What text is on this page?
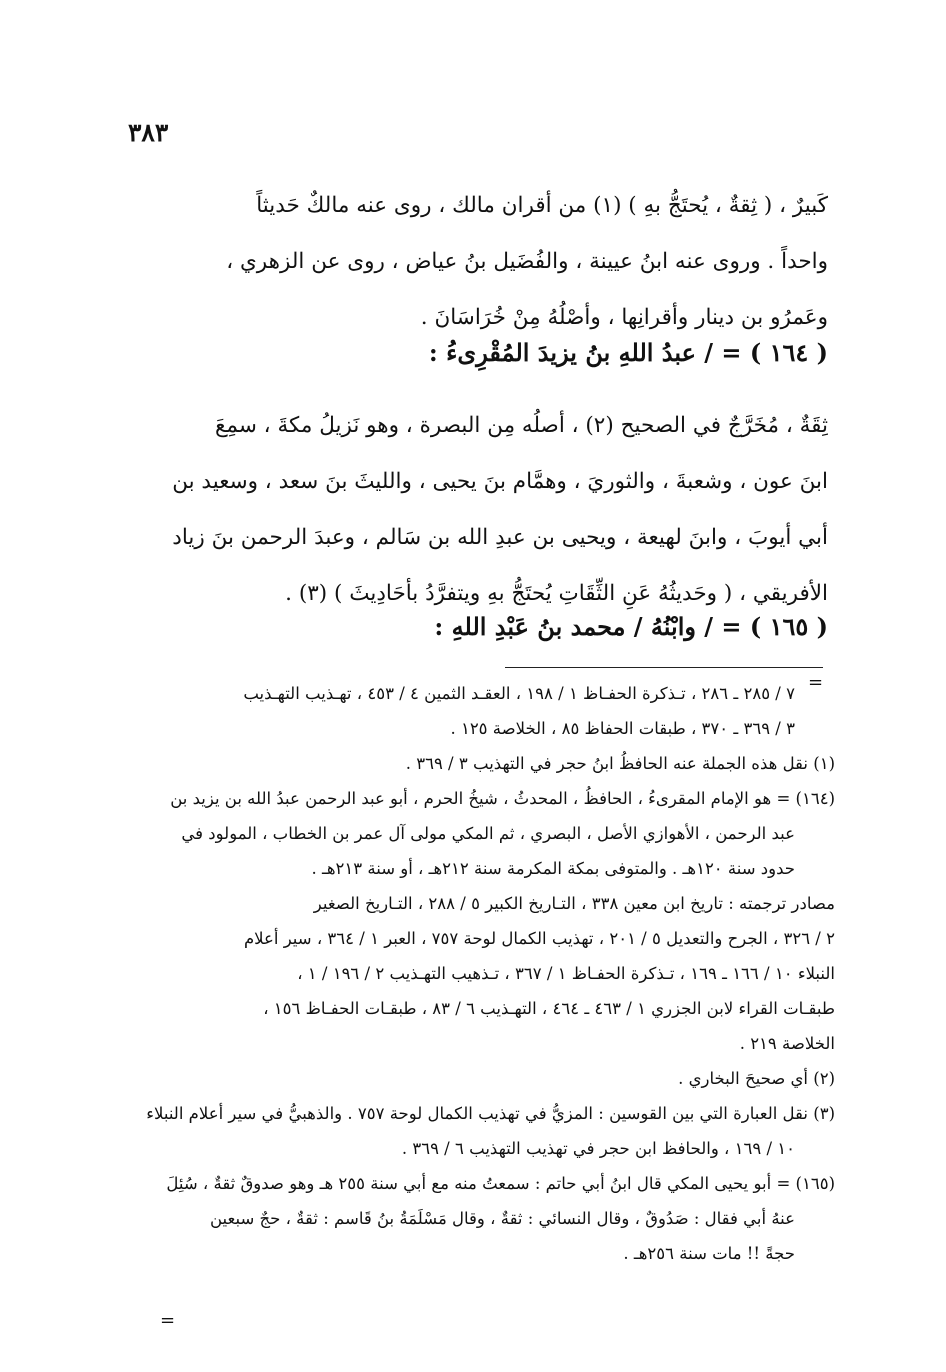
٣٨٣
كَبيرٌ ، ( ثِقةٌ ، يُحتَجُّ بهِ ) (١) من أقران مالك ، روى عنه مالكٌ حَديثاً
واحداً . وروى عنه ابنُ عيينة ، والفُضَيل بنُ عياض ، روى عن الزهري ،
وعَمرُو بن دينار وأقرانِها ، وأصْلُهُ مِنْ خُرَاسَانَ .
( ١٦٤ ) = / عبدُ اللهِ بنُ يزيدَ المُقْرِىءُ :
ثِقَةٌ ، مُخَرَّجٌ في الصحيح (٢) ، أصلُه مِن البصرة ، وهو نَزيلُ مكةَ ، سمِعَ
ابنَ عون ، وشعبةَ ، والثوريَ ، وهمَّام بنَ يحيى ، والليثَ بنَ سعد ، وسعيد بن
أبي أيوبَ ، وابنَ لهيعة ، ويحيى بن عبدِ الله بن سَالم ، وعبدَ الرحمن بنَ زياد
الأفريقي ، ( وحَديثُهُ عَنِ الثِّقَاتِ يُحتَجُّ بهِ ويتفرَّدُ بأحَادِيثَ ) (٣) .
( ١٦٥ ) = / وابْنُهُ / محمد بنُ عَبْدِ اللهِ :
=
٧ / ٢٨٥ ـ ٢٨٦ ، تـذكرة الحفـاظ ١ / ١٩٨ ، العقـد الثمين ٤ / ٤٥٣ ، تهـذيب التهـذيب
٣ / ٣٦٩ ـ ٣٧٠ ، طبقات الحفاظ ٨٥ ، الخلاصة ١٢٥ .
(١) نقل هذه الجملة عنه الحافظُ ابنُ حجر في التهذيب ٣ / ٣٦٩ .
(١٦٤) = هو الإمام المقرىءُ ، الحافظُ ، المحدثُ ، شيخُ الحرم ، أبو عبد الرحمن عبدُ الله بن يزيد بن
عبد الرحمن ، الأهوازي الأصل ، البصري ، ثم المكي مولى آل عمر بن الخطاب ، المولود في
حدود سنة ١٢٠هـ . والمتوفى بمكة المكرمة سنة ٢١٢هـ ، أو سنة ٢١٣هـ .
مصادر ترجمته : تاريخ ابن معين ٣٣٨ ، التـاريخ الكبير ٥ / ٢٨٨ ، التـاريخ الصغير
٢ / ٣٢٦ ، الجرح والتعديل ٥ / ٢٠١ ، تهذيب الكمال لوحة ٧٥٧ ، العبر ١ / ٣٦٤ ، سير أعلام
النبلاء ١٠ / ١٦٦ ـ ١٦٩ ، تـذكرة الحفـاظ ١ / ٣٦٧ ، تـذهيب التهـذيب ٢ / ١٩٦ / ١ ،
طبقـات القراء لابن الجزري ١ / ٤٦٣ ـ ٤٦٤ ، التهـذيب ٦ / ٨٣ ، طبقـات الحفـاظ ١٥٦ ،
الخلاصة ٢١٩ .
(٢) أي صحيحَ البخاري .
(٣) نقل العبارة التي بين القوسين : المزيُّ في تهذيب الكمال لوحة ٧٥٧ . والذهبيُّ في سير أعلام النبلاء
١٠ / ١٦٩ ، والحافظ ابن حجر في تهذيب التهذيب ٦ / ٣٦٩ .
(١٦٥) = أبو يحيى المكي قال ابنُ أبي حاتم : سمعتُ منه مع أبي سنة ٢٥٥ هـ وهو صدوقٌ ثقةٌ ، سُئِلَ
عنهُ أبي فقال : صَدُوقٌ ، وقال النسائي : ثقةٌ ، وقال مَسْلَمَةُ بنُ قَاسم : ثقةٌ ، حجٌ سبعين
حجةً !! مات سنة ٢٥٦هـ .
=
